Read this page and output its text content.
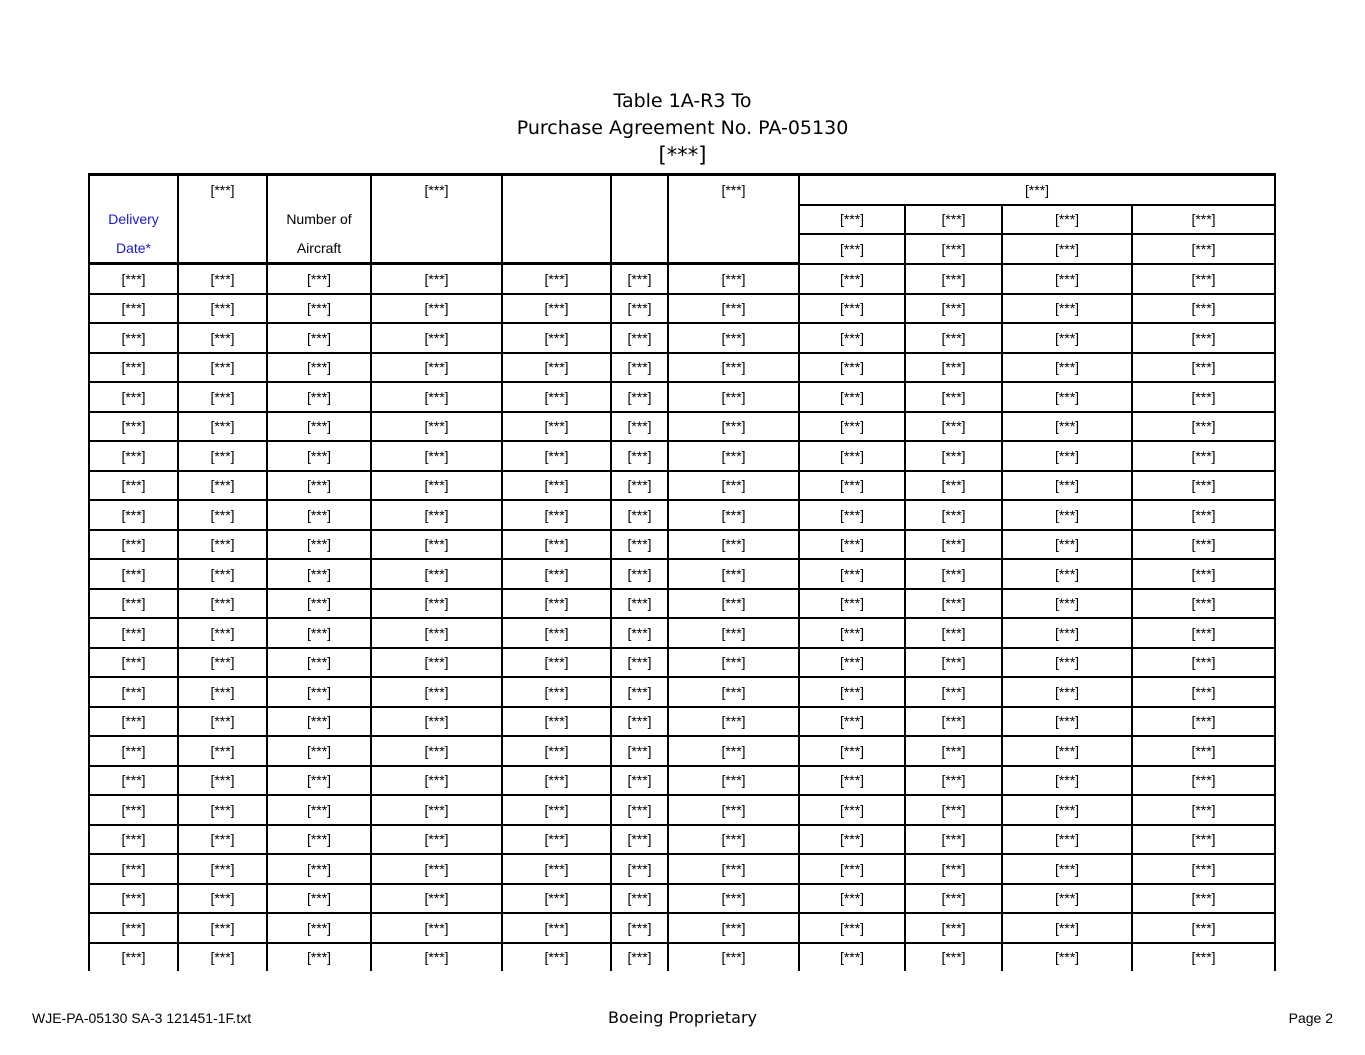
Table 1A-R3 To
Purchase Agreement No. PA-05130
[***]
	[***]		[***]			[***]	[***]			
Delivery		Number of					[***]	[***]	[***]	[***]
Date*		Aircraft					[***]	[***]	[***]	[***]
[***]	[***]	[***]	[***]	[***]	[***]	[***]	[***]	[***]	[***]	[***]
[***]	[***]	[***]	[***]	[***]	[***]	[***]	[***]	[***]	[***]	[***]
[***]	[***]	[***]	[***]	[***]	[***]	[***]	[***]	[***]	[***]	[***]
[***]	[***]	[***]	[***]	[***]	[***]	[***]	[***]	[***]	[***]	[***]
[***]	[***]	[***]	[***]	[***]	[***]	[***]	[***]	[***]	[***]	[***]
[***]	[***]	[***]	[***]	[***]	[***]	[***]	[***]	[***]	[***]	[***]
[***]	[***]	[***]	[***]	[***]	[***]	[***]	[***]	[***]	[***]	[***]
[***]	[***]	[***]	[***]	[***]	[***]	[***]	[***]	[***]	[***]	[***]
[***]	[***]	[***]	[***]	[***]	[***]	[***]	[***]	[***]	[***]	[***]
[***]	[***]	[***]	[***]	[***]	[***]	[***]	[***]	[***]	[***]	[***]
[***]	[***]	[***]	[***]	[***]	[***]	[***]	[***]	[***]	[***]	[***]
[***]	[***]	[***]	[***]	[***]	[***]	[***]	[***]	[***]	[***]	[***]
[***]	[***]	[***]	[***]	[***]	[***]	[***]	[***]	[***]	[***]	[***]
[***]	[***]	[***]	[***]	[***]	[***]	[***]	[***]	[***]	[***]	[***]
[***]	[***]	[***]	[***]	[***]	[***]	[***]	[***]	[***]	[***]	[***]
[***]	[***]	[***]	[***]	[***]	[***]	[***]	[***]	[***]	[***]	[***]
[***]	[***]	[***]	[***]	[***]	[***]	[***]	[***]	[***]	[***]	[***]
[***]	[***]	[***]	[***]	[***]	[***]	[***]	[***]	[***]	[***]	[***]
[***]	[***]	[***]	[***]	[***]	[***]	[***]	[***]	[***]	[***]	[***]
[***]	[***]	[***]	[***]	[***]	[***]	[***]	[***]	[***]	[***]	[***]
[***]	[***]	[***]	[***]	[***]	[***]	[***]	[***]	[***]	[***]	[***]
[***]	[***]	[***]	[***]	[***]	[***]	[***]	[***]	[***]	[***]	[***]
[***]	[***]	[***]	[***]	[***]	[***]	[***]	[***]	[***]	[***]	[***]
[***]	[***]	[***]	[***]	[***]	[***]	[***]	[***]	[***]	[***]	[***]
WJE-PA-05130 SA-3 121451-1F.txt	Boeing Proprietary	Page 2
